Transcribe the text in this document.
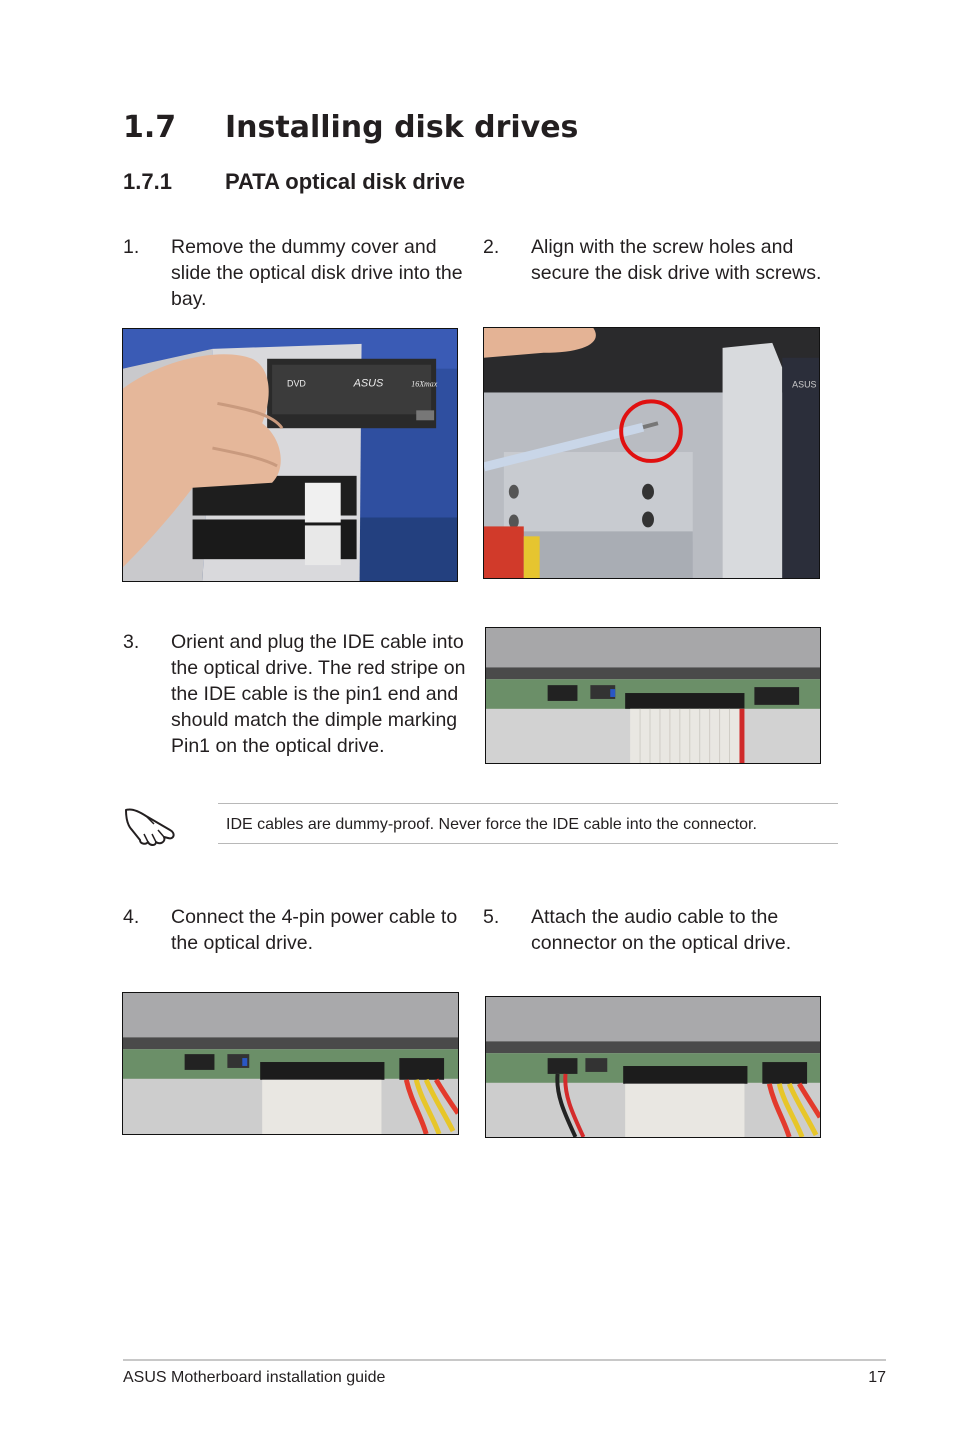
1.7 Installing disk drives
1.7.1 PATA optical disk drive
1. Remove the dummy cover and slide the optical disk drive into the bay.
2. Align with the screw holes and secure the disk drive with screws.
DVD	ASUS	16Xmax	ASUS
3. Orient and plug the IDE cable into the optical drive. The red stripe on the IDE cable is the pin1 end and should match the dimple marking Pin1 on the optical drive.
IDE cables are dummy-proof. Never force the IDE cable into the connector.
4. Connect the 4-pin power cable to the optical drive.
5. Attach the audio cable to the connector on the optical drive.
ASUS Motherboard installation guide	17
